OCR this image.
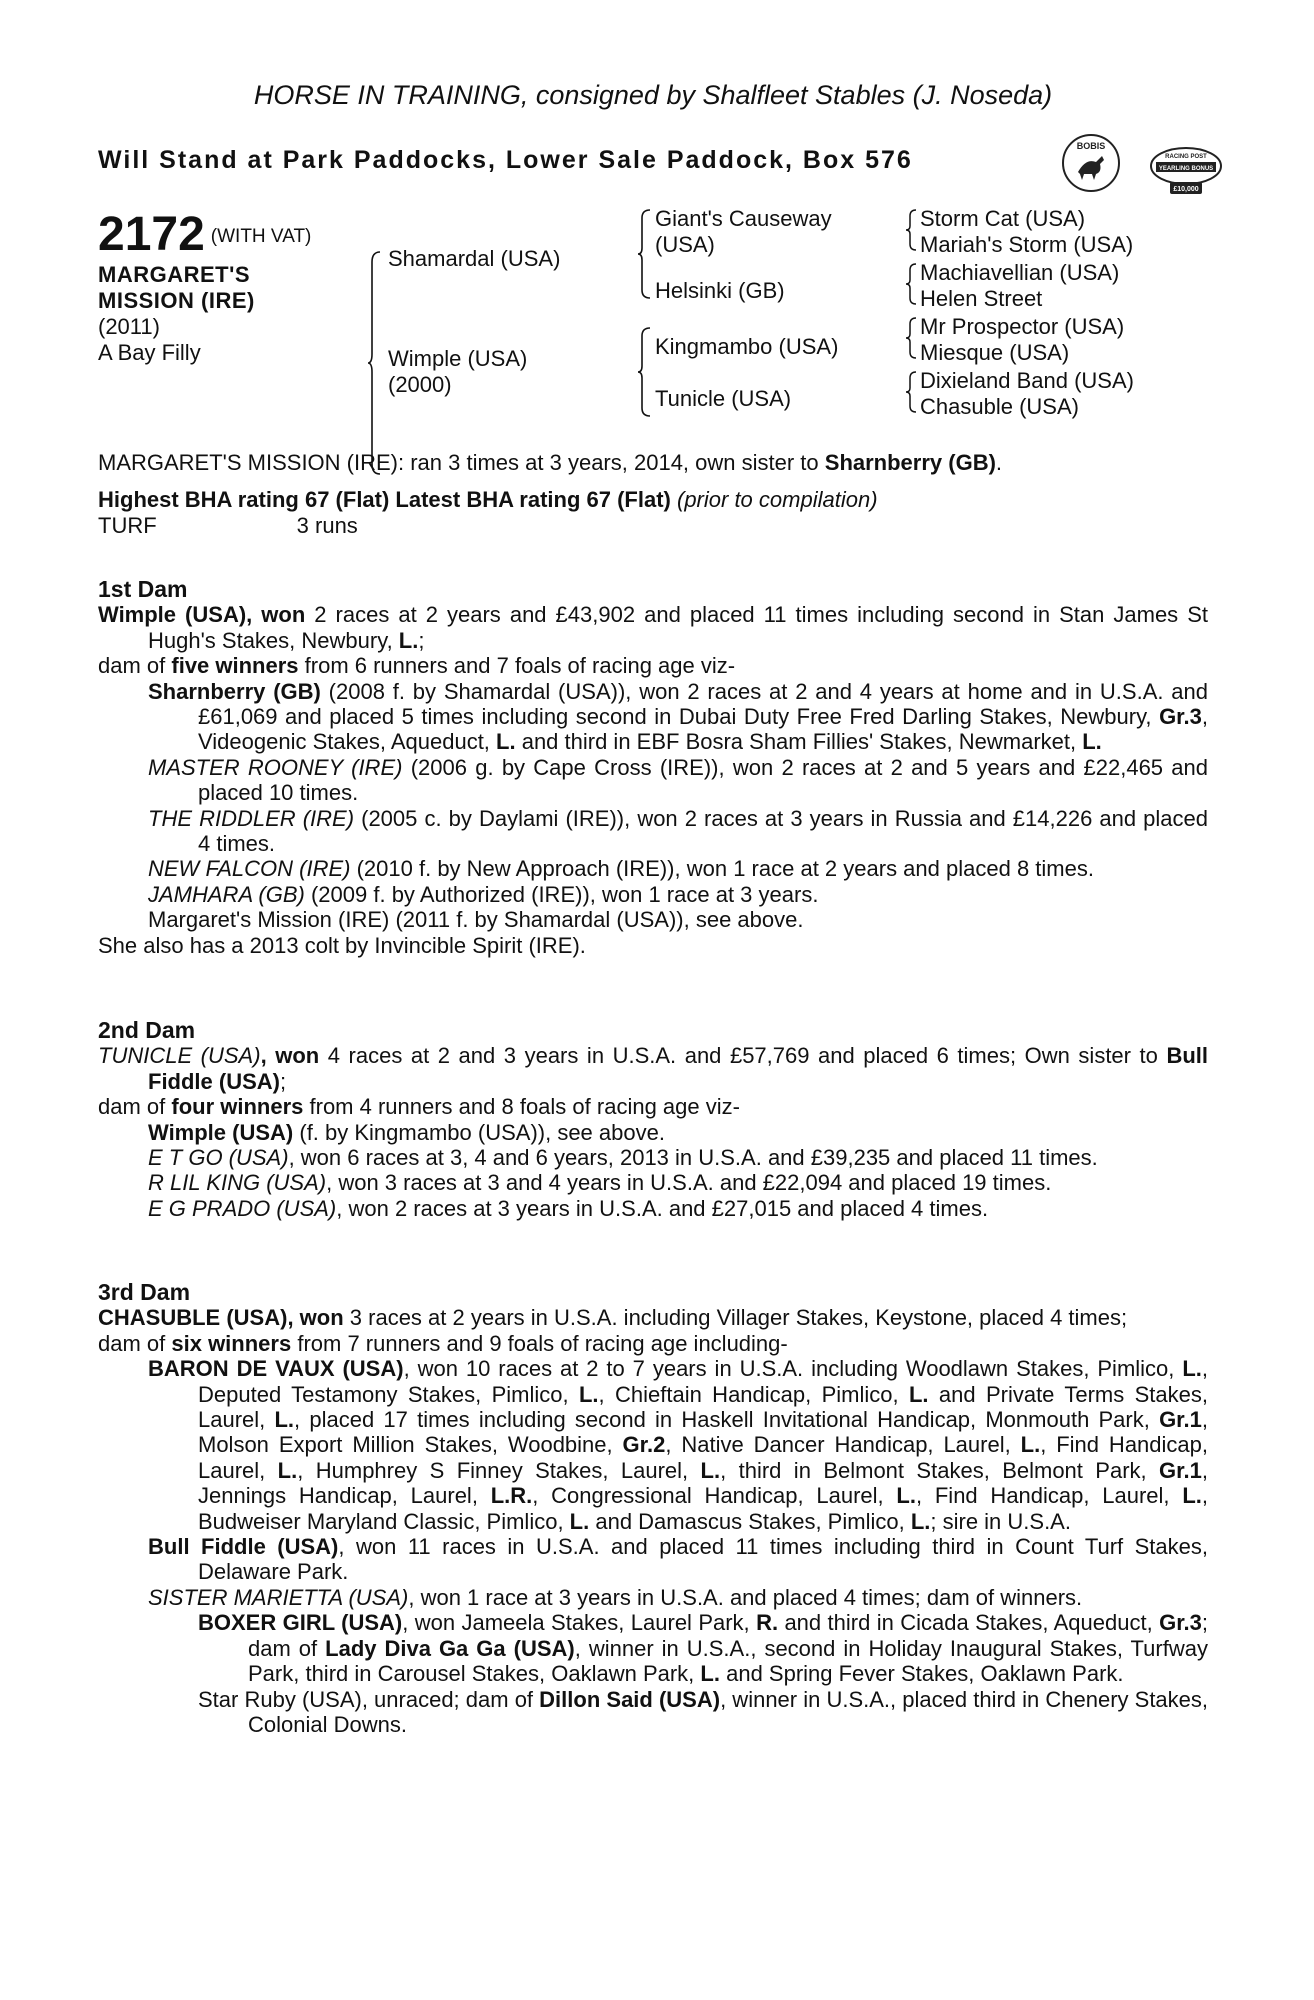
HORSE IN TRAINING, consigned by Shalfleet Stables (J. Noseda)
Will Stand at Park Paddocks, Lower Sale Paddock, Box 576	BOBIS
RACING POST
YEARLING BONUS
£10,000
2172 (WITH VAT)
MARGARET'S
MISSION (IRE)
(2011)
A Bay Filly
Shamardal (USA)
Wimple (USA)
(2000)
Giant's Causeway
(USA)
Helsinki (GB)
Kingmambo (USA)
Tunicle (USA)
Storm Cat (USA)
Mariah's Storm (USA)
Machiavellian (USA)
Helen Street
Mr Prospector (USA)
Miesque (USA)
Dixieland Band (USA)
Chasuble (USA)

MARGARET'S MISSION (IRE): ran 3 times at 3 years, 2014, own sister to Sharnberry (GB).

Highest BHA rating 67 (Flat) Latest BHA rating 67 (Flat) (prior to compilation)

TURF	3 runs

1st Dam

Wimple (USA), won 2 races at 2 years and £43,902 and placed 11 times including second in Stan James St Hugh's Stakes, Newbury, L.;

dam of five winners from 6 runners and 7 foals of racing age viz-

Sharnberry (GB) (2008 f. by Shamardal (USA)), won 2 races at 2 and 4 years at home and in U.S.A. and £61,069 and placed 5 times including second in Dubai Duty Free Fred Darling Stakes, Newbury, Gr.3, Videogenic Stakes, Aqueduct, L. and third in EBF Bosra Sham Fillies' Stakes, Newmarket, L.

MASTER ROONEY (IRE) (2006 g. by Cape Cross (IRE)), won 2 races at 2 and 5 years and £22,465 and placed 10 times.

THE RIDDLER (IRE) (2005 c. by Daylami (IRE)), won 2 races at 3 years in Russia and £14,226 and placed 4 times.

NEW FALCON (IRE) (2010 f. by New Approach (IRE)), won 1 race at 2 years and placed 8 times.

JAMHARA (GB) (2009 f. by Authorized (IRE)), won 1 race at 3 years.

Margaret's Mission (IRE) (2011 f. by Shamardal (USA)), see above.

She also has a 2013 colt by Invincible Spirit (IRE).

2nd Dam

TUNICLE (USA), won 4 races at 2 and 3 years in U.S.A. and £57,769 and placed 6 times; Own sister to Bull Fiddle (USA);

dam of four winners from 4 runners and 8 foals of racing age viz-

Wimple (USA) (f. by Kingmambo (USA)), see above.

E T GO (USA), won 6 races at 3, 4 and 6 years, 2013 in U.S.A. and £39,235 and placed 11 times.

R LIL KING (USA), won 3 races at 3 and 4 years in U.S.A. and £22,094 and placed 19 times.

E G PRADO (USA), won 2 races at 3 years in U.S.A. and £27,015 and placed 4 times.

3rd Dam

CHASUBLE (USA), won 3 races at 2 years in U.S.A. including Villager Stakes, Keystone, placed 4 times;

dam of six winners from 7 runners and 9 foals of racing age including-

BARON DE VAUX (USA), won 10 races at 2 to 7 years in U.S.A. including Woodlawn Stakes, Pimlico, L., Deputed Testamony Stakes, Pimlico, L., Chieftain Handicap, Pimlico, L. and Private Terms Stakes, Laurel, L., placed 17 times including second in Haskell Invitational Handicap, Monmouth Park, Gr.1, Molson Export Million Stakes, Woodbine, Gr.2, Native Dancer Handicap, Laurel, L., Find Handicap, Laurel, L., Humphrey S Finney Stakes, Laurel, L., third in Belmont Stakes, Belmont Park, Gr.1, Jennings Handicap, Laurel, L.R., Congressional Handicap, Laurel, L., Find Handicap, Laurel, L., Budweiser Maryland Classic, Pimlico, L. and Damascus Stakes, Pimlico, L.; sire in U.S.A.

Bull Fiddle (USA), won 11 races in U.S.A. and placed 11 times including third in Count Turf Stakes, Delaware Park.

SISTER MARIETTA (USA), won 1 race at 3 years in U.S.A. and placed 4 times; dam of winners.

BOXER GIRL (USA), won Jameela Stakes, Laurel Park, R. and third in Cicada Stakes, Aqueduct, Gr.3; dam of Lady Diva Ga Ga (USA), winner in U.S.A., second in Holiday Inaugural Stakes, Turfway Park, third in Carousel Stakes, Oaklawn Park, L. and Spring Fever Stakes, Oaklawn Park.

Star Ruby (USA), unraced; dam of Dillon Said (USA), winner in U.S.A., placed third in Chenery Stakes, Colonial Downs.
